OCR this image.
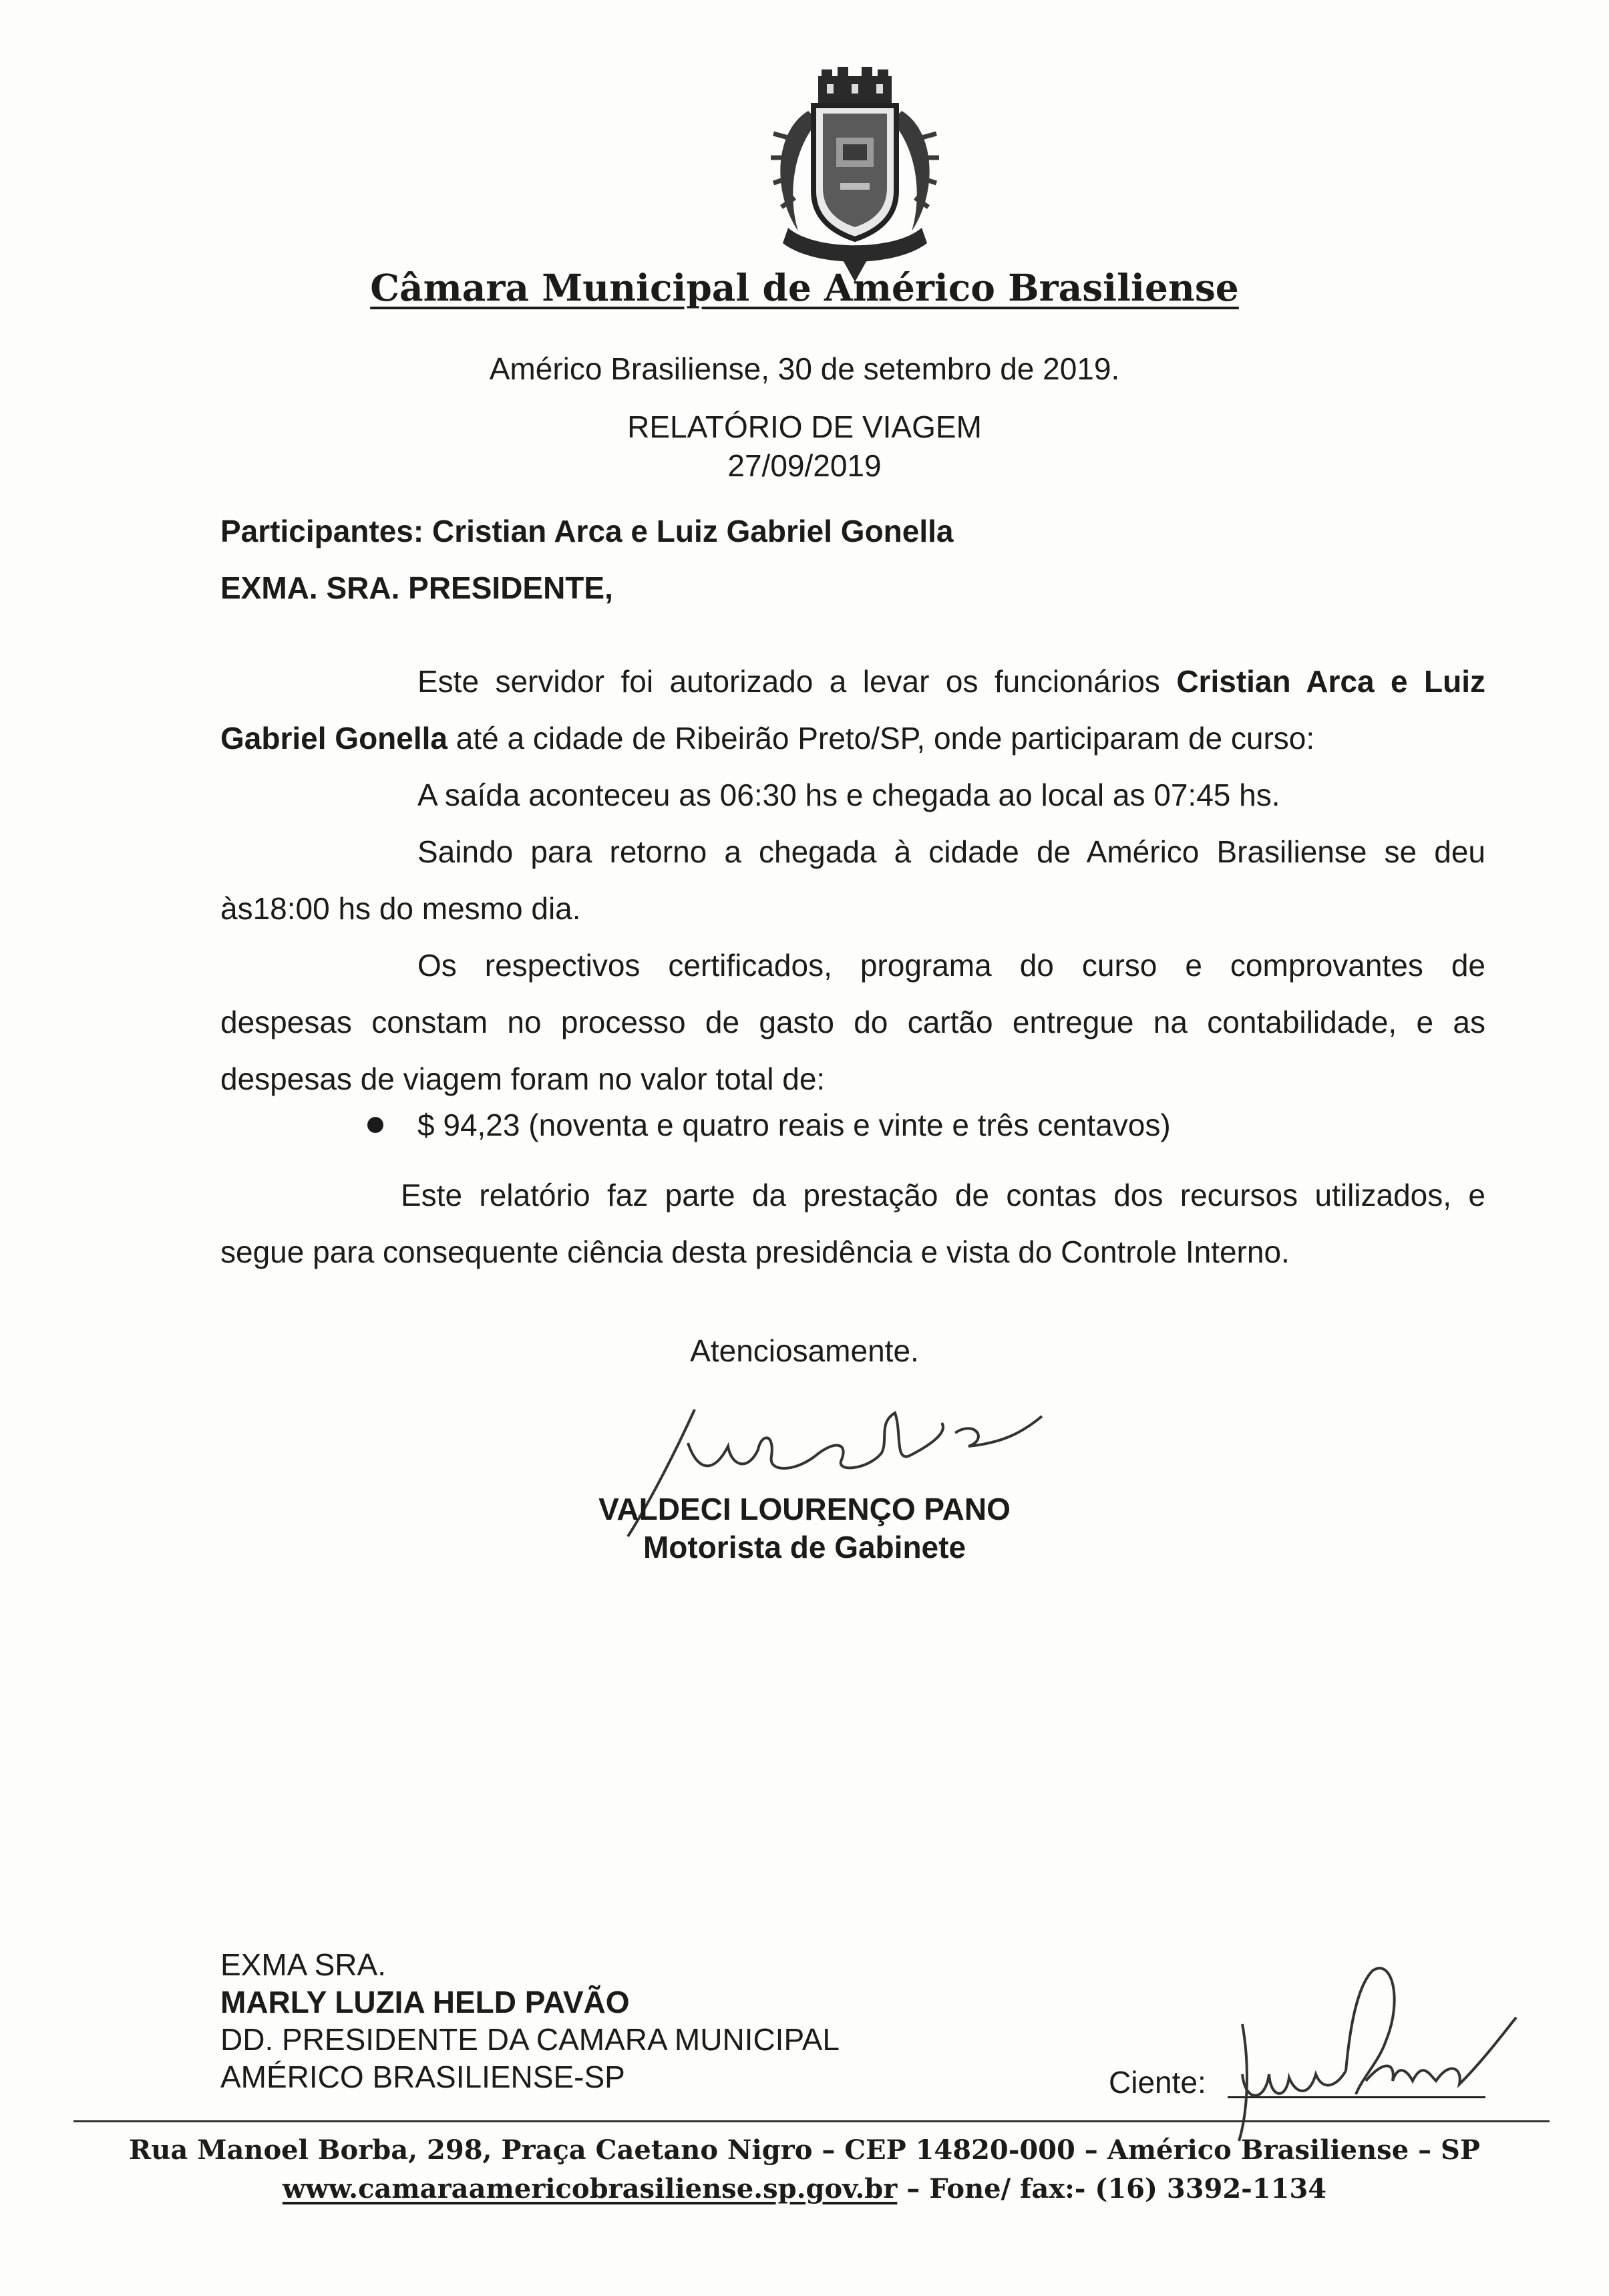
Câmara Municipal de Américo Brasiliense
Américo Brasiliense, 30 de setembro de 2019.
RELATÓRIO DE VIAGEM
27/09/2019
Participantes: Cristian Arca e Luiz Gabriel Gonella
EXMA. SRA. PRESIDENTE,
Este servidor foi autorizado a levar os funcionários Cristian Arca e Luiz
Gabriel Gonella até a cidade de Ribeirão Preto/SP, onde participaram de curso:
A saída aconteceu as 06:30 hs e chegada ao local as 07:45 hs.
Saindo para retorno a chegada à cidade de Américo Brasiliense se deu
às18:00 hs do mesmo dia.
Os respectivos certificados, programa do curso e comprovantes de
despesas constam no processo de gasto do cartão entregue na contabilidade, e as
despesas de viagem foram no valor total de:
$ 94,23 (noventa e quatro reais e vinte e três centavos)
Este relatório faz parte da prestação de contas dos recursos utilizados, e
segue para consequente ciência desta presidência e vista do Controle Interno.
Atenciosamente.
VALDECI LOURENÇO PANO
Motorista de Gabinete
EXMA SRA.
MARLY LUZIA HELD PAVÃO
DD. PRESIDENTE DA CAMARA MUNICIPAL
AMÉRICO BRASILIENSE-SP	Ciente:
Rua Manoel Borba, 298, Praça Caetano Nigro – CEP 14820-000 – Américo Brasiliense – SP
www.camaraamericobrasiliense.sp.gov.br – Fone/ fax:- (16) 3392-1134
